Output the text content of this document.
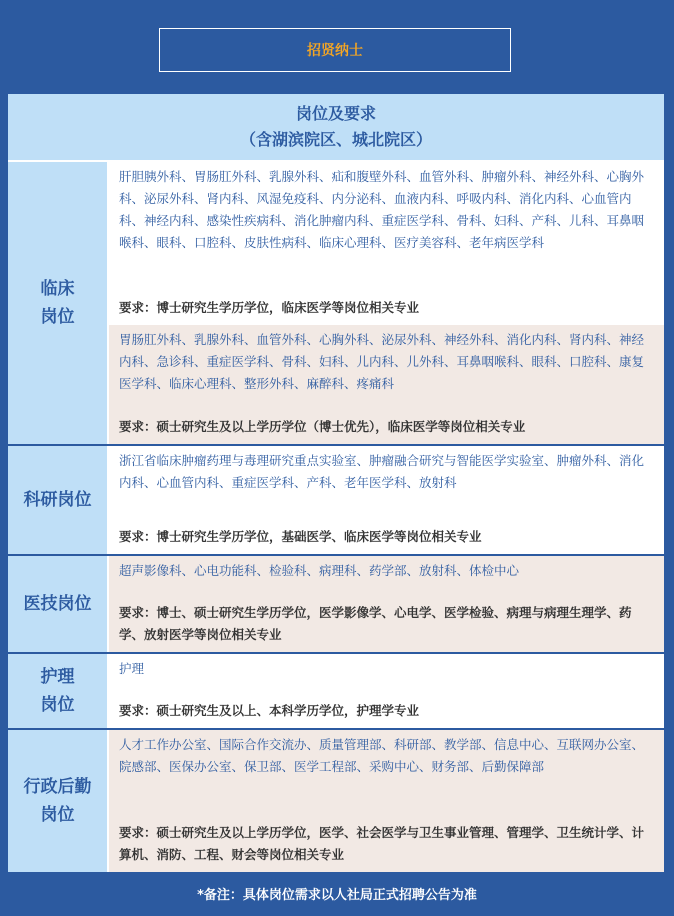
招贤纳士
岗位及要求
（含湖滨院区、城北院区）
临床
岗位
肝胆胰外科、胃肠肛外科、乳腺外科、疝和腹壁外科、血管外科、肿瘤外科、神经外科、心胸外科、泌尿外科、肾内科、风湿免疫科、内分泌科、血液内科、呼吸内科、消化内科、心血管内科、神经内科、感染性疾病科、消化肿瘤内科、重症医学科、骨科、妇科、产科、儿科、耳鼻咽喉科、眼科、口腔科、皮肤性病科、临床心理科、医疗美容科、老年病医学科
要求：博士研究生学历学位，临床医学等岗位相关专业
胃肠肛外科、乳腺外科、血管外科、心胸外科、泌尿外科、神经外科、消化内科、肾内科、神经内科、急诊科、重症医学科、骨科、妇科、儿内科、儿外科、耳鼻咽喉科、眼科、口腔科、康复医学科、临床心理科、整形外科、麻醉科、疼痛科
要求：硕士研究生及以上学历学位（博士优先），临床医学等岗位相关专业
科研岗位
浙江省临床肿瘤药理与毒理研究重点实验室、肿瘤融合研究与智能医学实验室、肿瘤外科、消化内科、心血管内科、重症医学科、产科、老年医学科、放射科
要求：博士研究生学历学位，基础医学、临床医学等岗位相关专业
医技岗位
超声影像科、心电功能科、检验科、病理科、药学部、放射科、体检中心
要求：博士、硕士研究生学历学位，医学影像学、心电学、医学检验、病理与病理生理学、药学、放射医学等岗位相关专业
护理
岗位
护理
要求：硕士研究生及以上、本科学历学位，护理学专业
行政后勤
岗位
人才工作办公室、国际合作交流办、质量管理部、科研部、教学部、信息中心、互联网办公室、院感部、医保办公室、保卫部、医学工程部、采购中心、财务部、后勤保障部
要求：硕士研究生及以上学历学位，医学、社会医学与卫生事业管理、管理学、卫生统计学、计算机、消防、工程、财会等岗位相关专业
*备注：具体岗位需求以人社局正式招聘公告为准
